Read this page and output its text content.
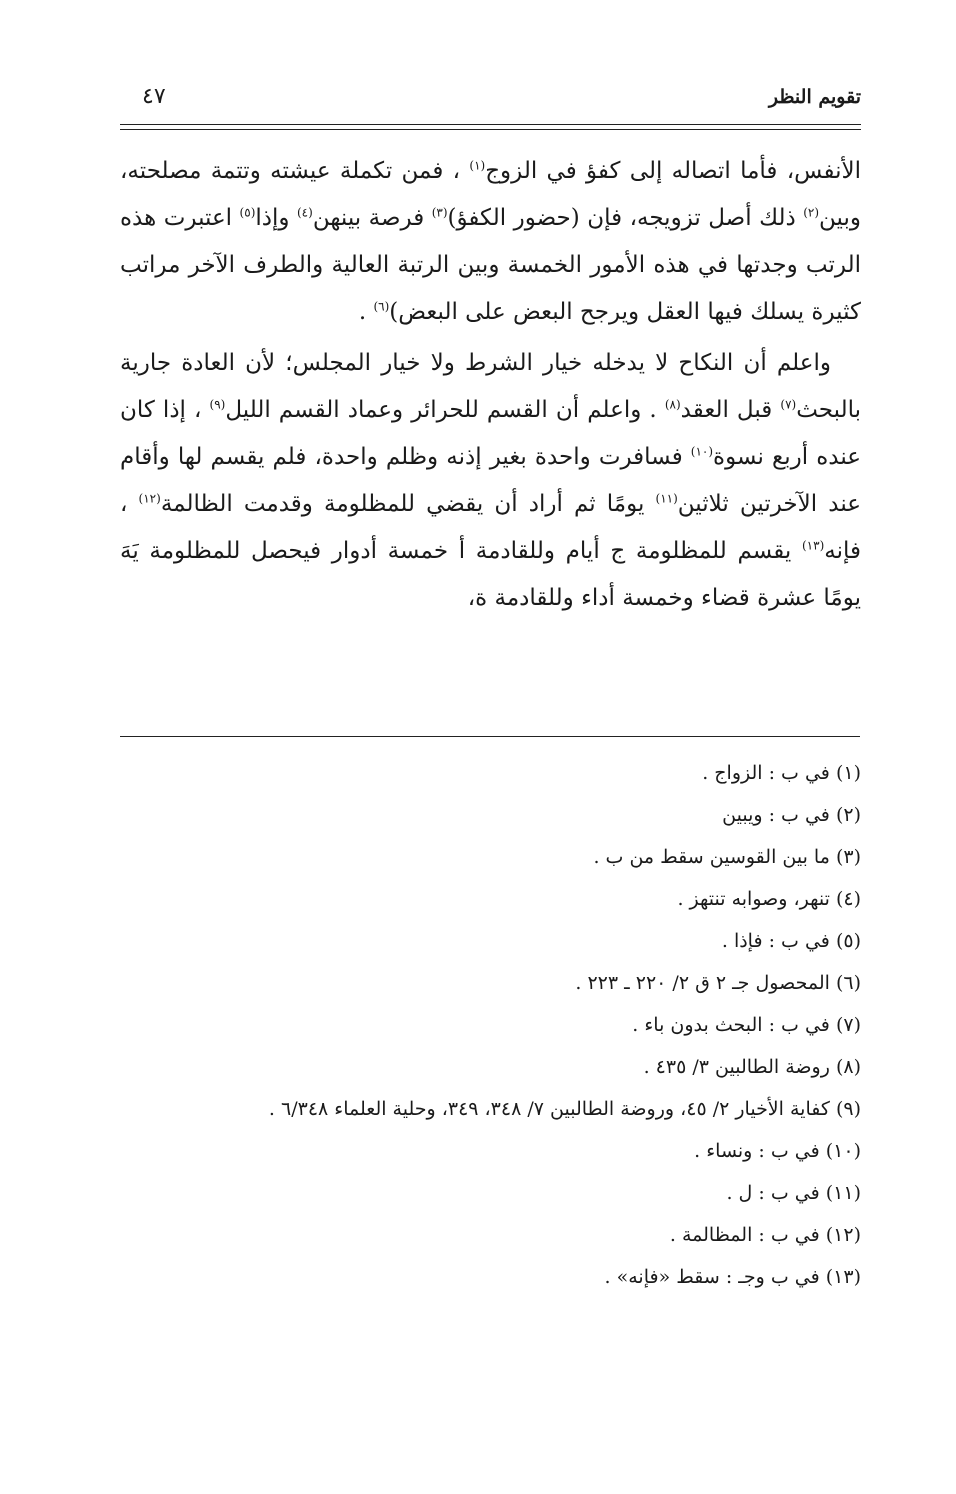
تقويم النظر
٤٧

الأنفس، فأما اتصاله إلى كفؤ في الزوج$^{(١)}$ ، فمن تكملة عيشته وتتمة مصلحته، وبين$^{(٢)}$ ذلك أصل تزويجه، فإن (حضور الكفؤ)$^{(٣)}$ فرصة بينهن$^{(٤)}$ وإذا$^{(٥)}$ اعتبرت هذه الرتب وجدتها في هذه الأمور الخمسة وبين الرتبة العالية والطرف الآخر مراتب كثيرة يسلك فيها العقل ويرجح البعض على البعض)$^{(٦)}$ .

واعلم أن النكاح لا يدخله خيار الشرط ولا خيار المجلس؛ لأن العادة جارية بالبحث$^{(٧)}$ قبل العقد$^{(٨)}$ . واعلم أن القسم للحرائر وعماد القسم الليل$^{(٩)}$ ، إذا كان عنده أربع نسوة$^{(١٠)}$ فسافرت واحدة بغير إذنه وظلم واحدة، فلم يقسم لها وأقام عند الآخرتين ثلاثين$^{(١١)}$ يومًا ثم أراد أن يقضي للمظلومة وقدمت الظالمة$^{(١٢)}$ ، فإنه$^{(١٣)}$ يقسم للمظلومة ج أيام وللقادمة أ خمسة أدوار فيحصل للمظلومة يَهَ يومًا عشرة قضاء وخمسة أداء وللقادمة ة،

(١) في ب : الزواج .

(٢) في ب : ويبين

(٣) ما بين القوسين سقط من ب .

(٤) تنهر، وصوابه تنتهز .

(٥) في ب : فإذا .

(٦) المحصول جـ ٢ ق ٢/ ٢٢٠ ـ ٢٢٣ .

(٧) في ب : البحث بدون باء .

(٨) روضة الطالبين ٣/ ٤٣٥ .

(٩) كفاية الأخيار ٢/ ٤٥، وروضة الطالبين ٧/ ٣٤٨، ٣٤٩، وحلية العلماء ٦/٣٤٨ .

(١٠) في ب : ونساء .

(١١) في ب : ل .

(١٢) في ب : المظالمة .

(١٣) في ب وجـ : سقط «فإنه» .
